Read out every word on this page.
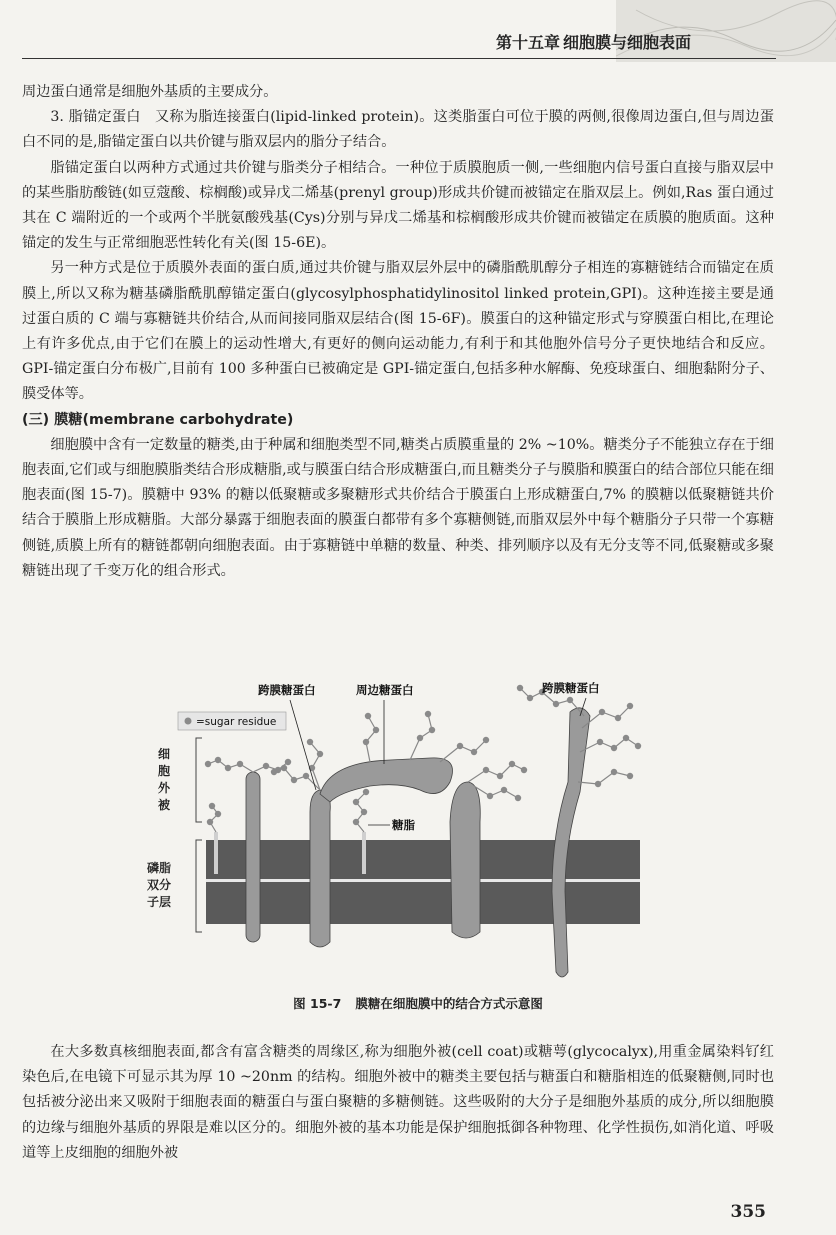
第十五章 细胞膜与细胞表面

周边蛋白通常是细胞外基质的主要成分。

3. 脂锚定蛋白　又称为脂连接蛋白(lipid-linked protein)。这类脂蛋白可位于膜的两侧,很像周边蛋白,但与周边蛋白不同的是,脂锚定蛋白以共价键与脂双层内的脂分子结合。

脂锚定蛋白以两种方式通过共价键与脂类分子相结合。一种位于质膜胞质一侧,一些细胞内信号蛋白直接与脂双层中的某些脂肪酸链(如豆蔻酸、棕榈酸)或异戊二烯基(prenyl group)形成共价键而被锚定在脂双层上。例如,Ras 蛋白通过其在 C 端附近的一个或两个半胱氨酸残基(Cys)分别与异戊二烯基和棕榈酸形成共价键而被锚定在质膜的胞质面。这种锚定的发生与正常细胞恶性转化有关(图 15-6E)。

另一种方式是位于质膜外表面的蛋白质,通过共价键与脂双层外层中的磷脂酰肌醇分子相连的寡糖链结合而锚定在质膜上,所以又称为糖基磷脂酰肌醇锚定蛋白(glycosylphosphatidylinositol linked protein,GPI)。这种连接主要是通过蛋白质的 C 端与寡糖链共价结合,从而间接同脂双层结合(图 15-6F)。膜蛋白的这种锚定形式与穿膜蛋白相比,在理论上有许多优点,由于它们在膜上的运动性增大,有更好的侧向运动能力,有利于和其他胞外信号分子更快地结合和反应。GPI-锚定蛋白分布极广,目前有 100 多种蛋白已被确定是 GPI-锚定蛋白,包括多种水解酶、免疫球蛋白、细胞黏附分子、膜受体等。

(三) 膜糖(membrane carbohydrate)

细胞膜中含有一定数量的糖类,由于种属和细胞类型不同,糖类占质膜重量的 2% ~10%。糖类分子不能独立存在于细胞表面,它们或与细胞膜脂类结合形成糖脂,或与膜蛋白结合形成糖蛋白,而且糖类分子与膜脂和膜蛋白的结合部位只能在细胞表面(图 15-7)。膜糖中 93% 的糖以低聚糖或多聚糖形式共价结合于膜蛋白上形成糖蛋白,7% 的膜糖以低聚糖链共价结合于膜脂上形成糖脂。大部分暴露于细胞表面的膜蛋白都带有多个寡糖侧链,而脂双层外中每个糖脂分子只带一个寡糖侧链,质膜上所有的糖链都朝向细胞表面。由于寡糖链中单糖的数量、种类、排列顺序以及有无分支等不同,低聚糖或多聚糖链出现了千变万化的组合形式。

=sugar residue
跨膜糖蛋白	周边糖蛋白	跨膜糖蛋白
糖脂
细胞外被
磷脂双分子层
图 15-7 膜糖在细胞膜中的结合方式示意图

在大多数真核细胞表面,都含有富含糖类的周缘区,称为细胞外被(cell coat)或糖萼(glycocalyx),用重金属染料钌红染色后,在电镜下可显示其为厚 10 ~20nm 的结构。细胞外被中的糖类主要包括与糖蛋白和糖脂相连的低聚糖侧,同时也包括被分泌出来又吸附于细胞表面的糖蛋白与蛋白聚糖的多糖侧链。这些吸附的大分子是细胞外基质的成分,所以细胞膜的边缘与细胞外基质的界限是难以区分的。细胞外被的基本功能是保护细胞抵御各种物理、化学性损伤,如消化道、呼吸道等上皮细胞的细胞外被

355
